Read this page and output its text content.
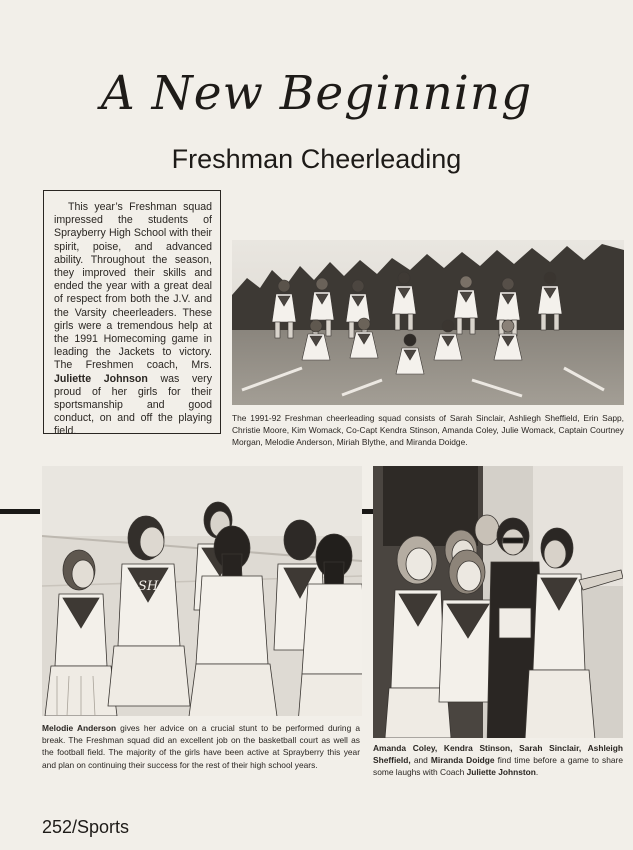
A New Beginning
Freshman Cheerleading

This year’s Freshman squad impressed the students of Sprayberry High School with their spirit, poise, and advanced ability. Throughout the season, they improved their skills and ended the year with a great deal of respect from both the J.V. and the Varsity cheerleaders. These girls were a tremendous help at the 1991 Homecoming game in leading the Jackets to victory. The Freshmen coach, Mrs. Juliette Johnson was very proud of her girls for their sportsmanship and good conduct, on and off the playing field.

The 1991-92 Freshman cheerleading squad consists of Sarah Sinclair, Ashliegh Sheffield, Erin Sapp, Christie Moore, Kim Womack, Co-Capt Kendra Stinson, Amanda Coley, Julie Womack, Captain Courtney Morgan, Melodie Anderson, Miriah Blythe, and Miranda Doidge.
SHS
Melodie Anderson gives her advice on a crucial stunt to be performed during a break. The Freshman squad did an excellent job on the basketball court as well as the football field. The majority of the girls have been active at Sprayberry this year and plan on continuing their success for the rest of their high school years.
Amanda Coley, Kendra Stinson, Sarah Sinclair, Ashleigh Sheffield, and Miranda Doidge find time before a game to share some laughs with Coach Juliette Johnston.
252/Sports
